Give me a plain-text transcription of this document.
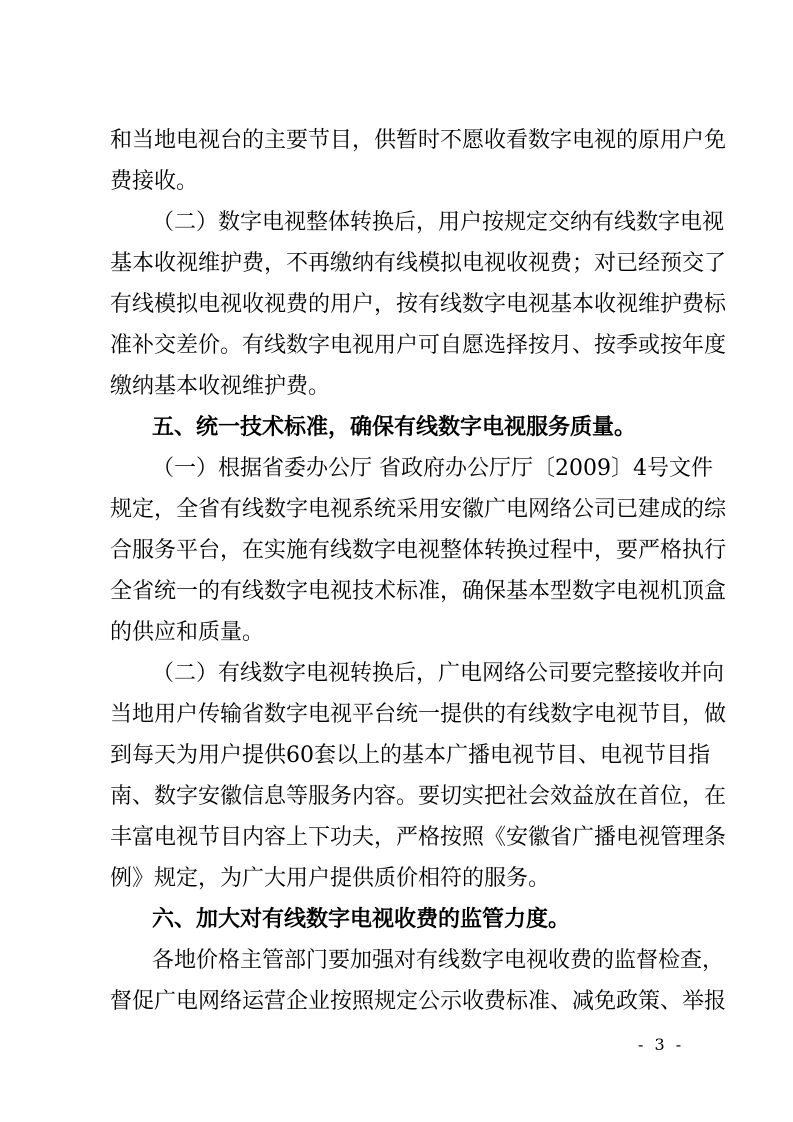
和当地电视台的主要节目，供暂时不愿收看数字电视的原用户免
费接收。
（二）数字电视整体转换后，用户按规定交纳有线数字电视
基本收视维护费，不再缴纳有线模拟电视收视费；对已经预交了
有线模拟电视收视费的用户，按有线数字电视基本收视维护费标
准补交差价。有线数字电视用户可自愿选择按月、按季或按年度
缴纳基本收视维护费。
五、统一技术标准，确保有线数字电视服务质量。
（一）根据省委办公厅 省政府办公厅厅〔2009〕4号文件
规定，全省有线数字电视系统采用安徽广电网络公司已建成的综
合服务平台，在实施有线数字电视整体转换过程中，要严格执行
全省统一的有线数字电视技术标准，确保基本型数字电视机顶盒
的供应和质量。
（二）有线数字电视转换后，广电网络公司要完整接收并向
当地用户传输省数字电视平台统一提供的有线数字电视节目，做
到每天为用户提供60套以上的基本广播电视节目、电视节目指
南、数字安徽信息等服务内容。要切实把社会效益放在首位，在
丰富电视节目内容上下功夫，严格按照《安徽省广播电视管理条
例》规定，为广大用户提供质价相符的服务。
六、加大对有线数字电视收费的监管力度。
各地价格主管部门要加强对有线数字电视收费的监督检查，
督促广电网络运营企业按照规定公示收费标准、减免政策、举报
- 3 -
